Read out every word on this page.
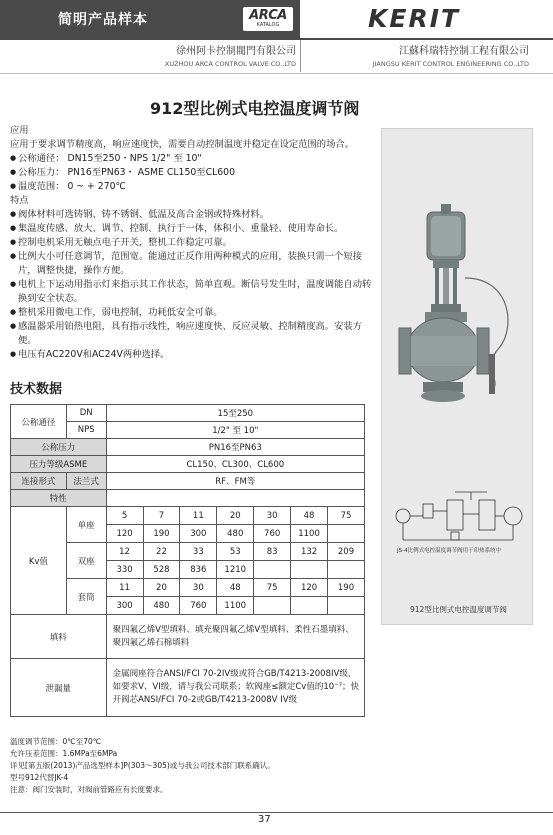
简明产品样本	ARCA
KATALOG	KERIT
徐州阿卡控制閥門有限公司
XUZHOU ARCA CONTROL VALVE CO.,LTD
江蘇科瑞特控制工程有限公司
JIANGSU KERIT CONTROL ENGINEERING CO.,LTD
912型比例式电控温度调节阀
应用
应用于要求调节精度高，响应速度快，需要自动控制温度并稳定在设定范围的场合。
●
公称通径： DN15至250・NPS 1/2" 至 10"
●
公称压力： PN16至PN63・ ASME CL150至CL600
●
温度范围： 0 ~ + 270℃
特点
●
阀体材料可选铸钢、铸不锈钢、低温及高合金钢或特殊材料。
●
集温度传感、放大、调节、控制、执行于一体，体积小、重量轻、使用寿命长。
●
控制电机采用无触点电子开关，整机工作稳定可靠。
●
比例大小可任意调节，范围宽。能通过正反作用两种模式的应用，装换只需一个短接片，调整快捷，操作方便。
●
电机上下运动用指示灯来指示其工作状态，简单直观。断信号发生时，温度调能自动转换到安全状态。
●
整机采用微电工作，弱电控制，功耗低安全可靠。
●
感温器采用铂热电阻，具有指示线性，响应速度快、反应灵敏、控制精度高。安装方便。
●
电压有AC220V和AC24V两种选择。
技术数据
公称通径	DN	15至250						
	NPS	1/2" 至 10"						
公称压力		PN16至PN63						
压力等级ASME		CL150、CL300、CL600						
连接形式	法兰式	RF、FM等						
特性								
Kv值	单座	5	7	11	20	30	48	75
		120	190	300	480	760	1100	
	双座	12	22	33	53	83	132	209
		330	528	836	1210			
	套筒	11	20	30	48	75	120	190
		300	480	760	1100			
填料		聚四氟乙烯V型填料、填充聚四氟乙烯V型填料、柔性石墨填料、聚四氟乙烯石棉填料						
泄漏量		金属阀座符合ANSI/FCI 70-2IV级或符合GB/T4213-2008IV级，如要求V、VI级，请与我公司联系；软阀座≤额定Cv值的10⁻⁷；快开阀芯ANSI/FCI 70-2或GB/T4213-2008V IV级						
温度调节范围：0℃至70℃
允许压差范围：1.6MPa至6MPa
详见[第五版(2013)产品选型样本]P(303～305)或与我公司技术部门联系确认。
型号912代替JK-4
注意：阀门安装时，对阀前管路应有长度要求。
37
JS-4比例式电控温度调节阀用于印热系统中
912型比例式电控温度调节阀
